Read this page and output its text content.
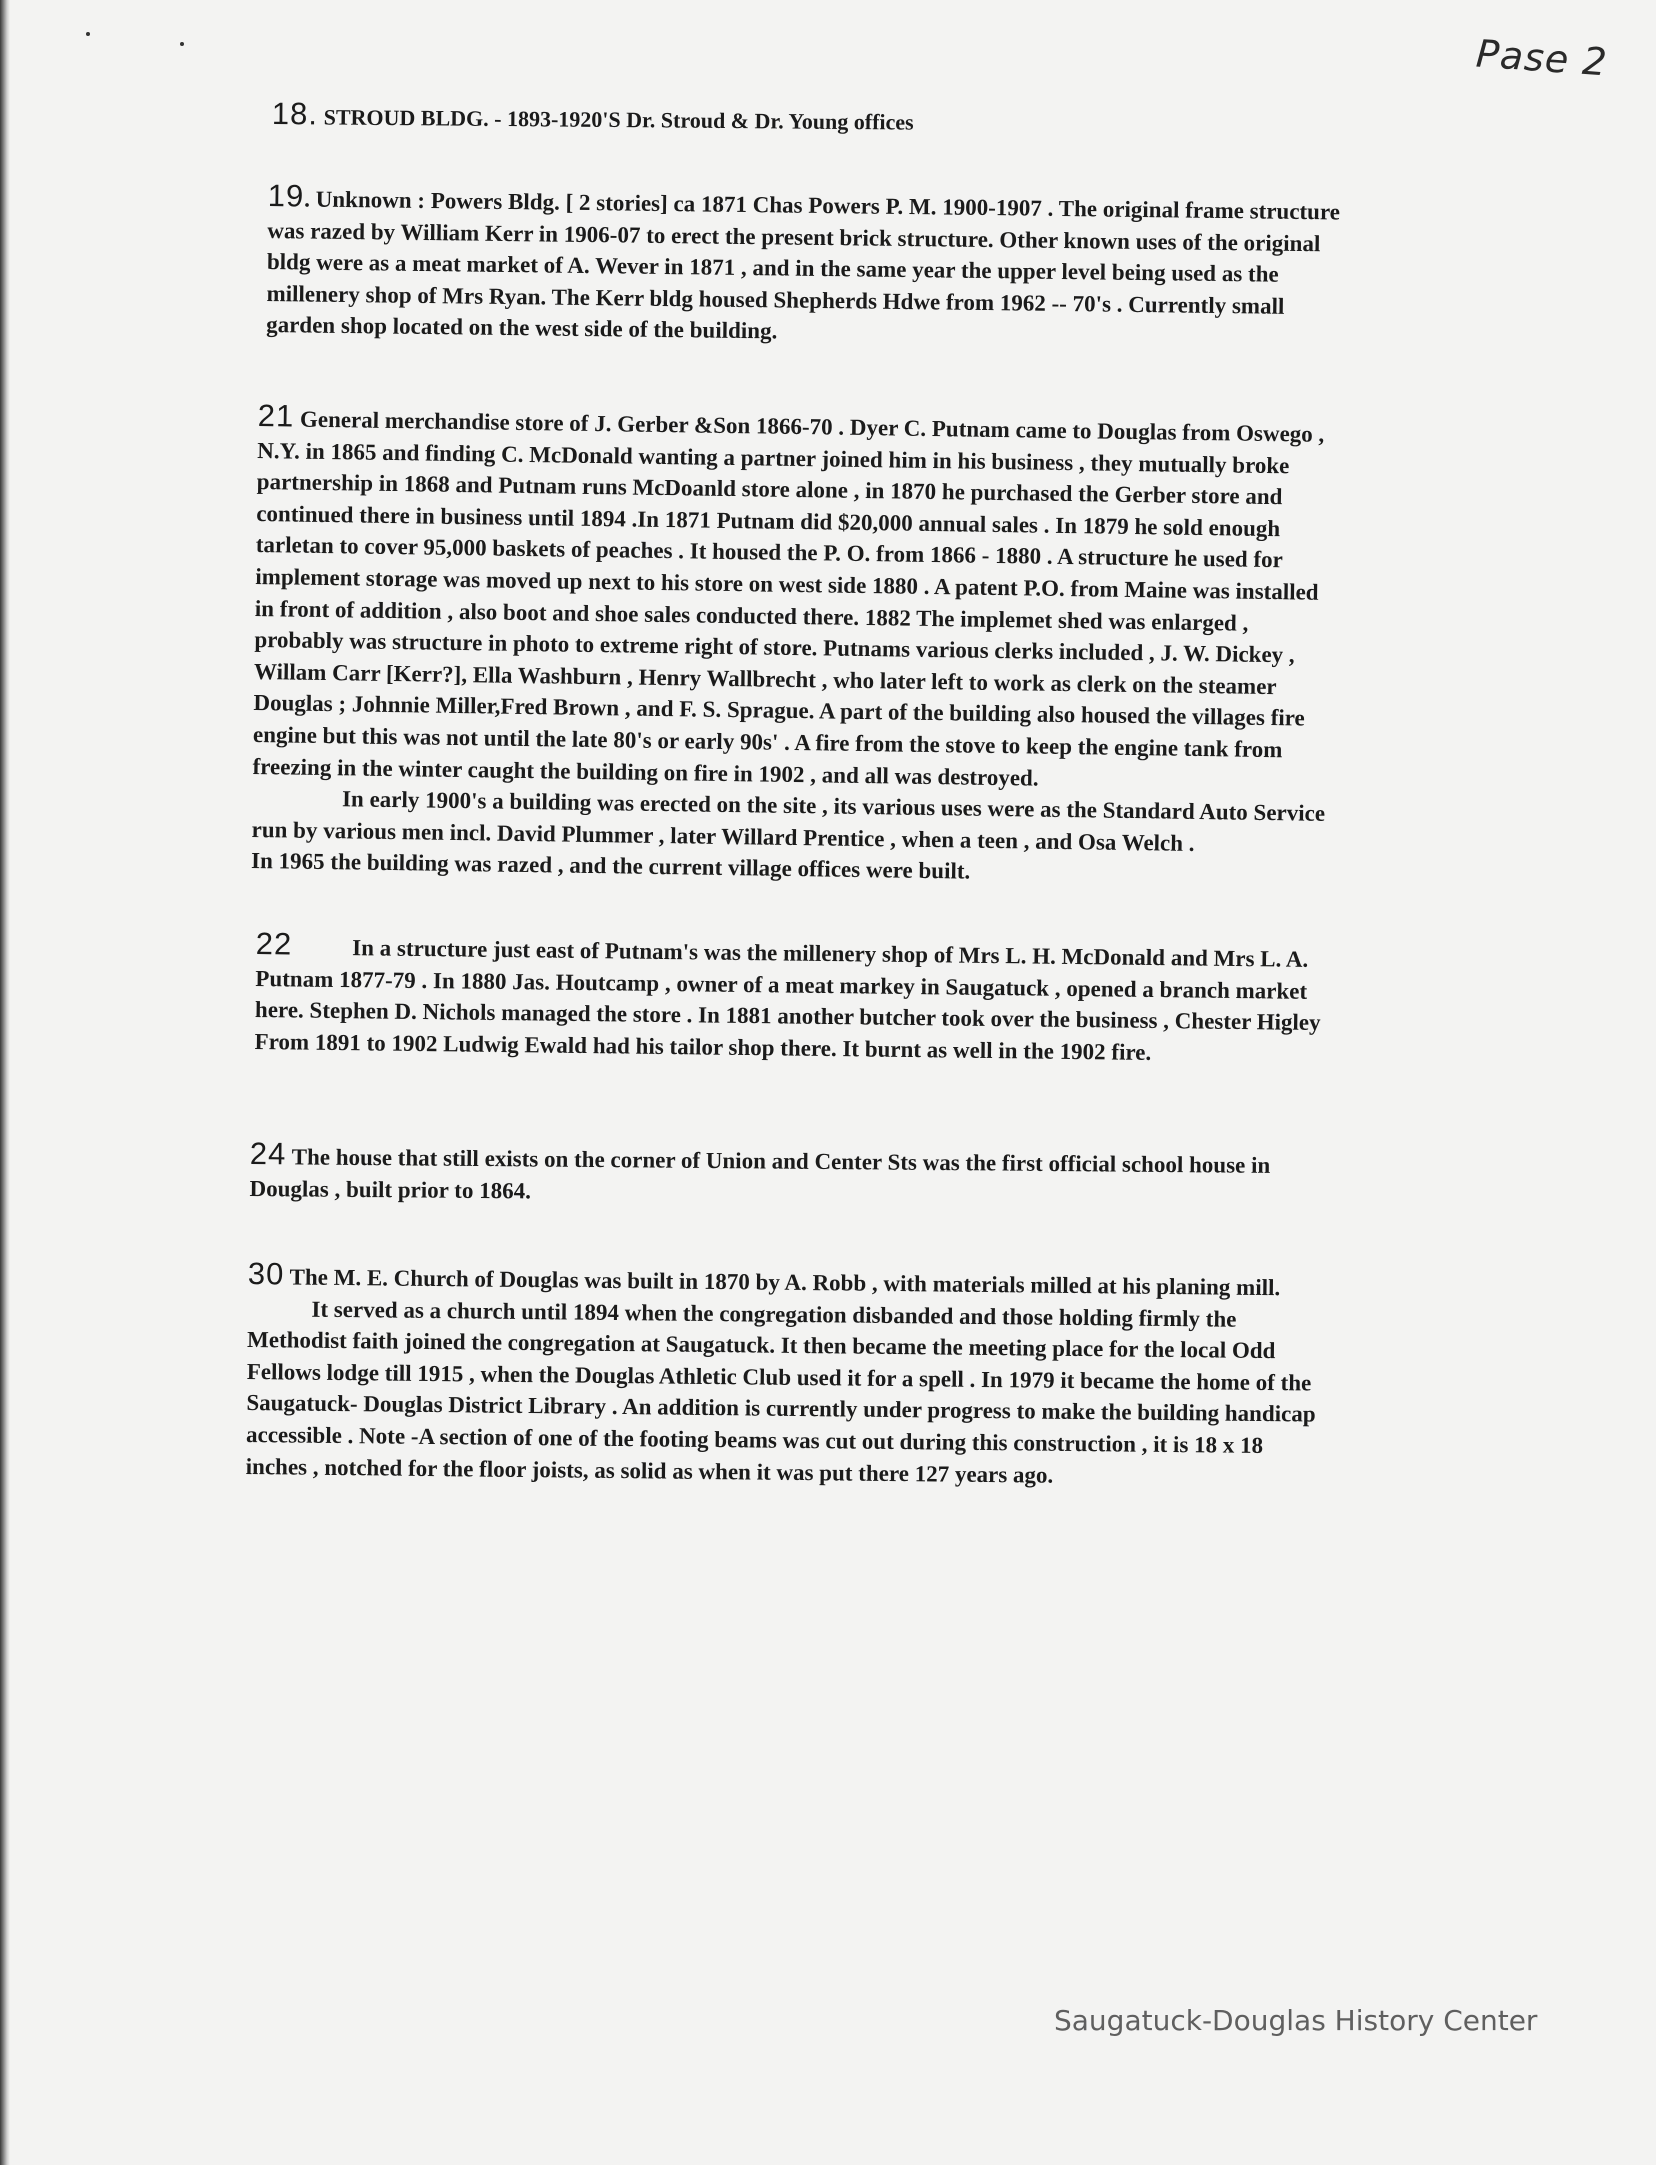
Pase 2
18. STROUD BLDG. - 1893-1920'S Dr. Stroud & Dr. Young offices
19. Unknown : Powers Bldg. [ 2 stories] ca 1871 Chas Powers P. M. 1900-1907 . The original frame structure
was razed by William Kerr in 1906-07 to erect the present brick structure. Other known uses of the original
bldg were as a meat market of A. Wever in 1871 , and in the same year the upper level being used as the
millenery shop of Mrs Ryan. The Kerr bldg housed Shepherds Hdwe from 1962 -- 70's . Currently small
garden shop located on the west side of the building.
21 General merchandise store of J. Gerber &Son 1866-70 . Dyer C. Putnam came to Douglas from Oswego ,
N.Y. in 1865 and finding C. McDonald wanting a partner joined him in his business , they mutually broke
partnership in 1868 and Putnam runs McDoanld store alone , in 1870 he purchased the Gerber store and
continued there in business until 1894 .In 1871 Putnam did $20,000 annual sales . In 1879 he sold enough
tarletan to cover 95,000 baskets of peaches . It housed the P. O. from 1866 - 1880 . A structure he used for
implement storage was moved up next to his store on west side 1880 . A patent P.O. from Maine was installed
in front of addition , also boot and shoe sales conducted there. 1882 The implemet shed was enlarged ,
probably was structure in photo to extreme right of store. Putnams various clerks included , J. W. Dickey ,
Willam Carr [Kerr?], Ella Washburn , Henry Wallbrecht , who later left to work as clerk on the steamer
Douglas ; Johnnie Miller,Fred Brown , and F. S. Sprague. A part of the building also housed the villages fire
engine but this was not until the late 80's or early 90s' . A fire from the stove to keep the engine tank from
freezing in the winter caught the building on fire in 1902 , and all was destroyed.
In early 1900's a building was erected on the site , its various uses were as the Standard Auto Service
run by various men incl. David Plummer , later Willard Prentice , when a teen , and Osa Welch .
In 1965 the building was razed , and the current village offices were built.
22	In a structure just east of Putnam's was the millenery shop of Mrs L. H. McDonald and Mrs L. A.
Putnam 1877-79 . In 1880 Jas. Houtcamp , owner of a meat markey in Saugatuck , opened a branch market
here. Stephen D. Nichols managed the store . In 1881 another butcher took over the business , Chester Higley
From 1891 to 1902 Ludwig Ewald had his tailor shop there. It burnt as well in the 1902 fire.
24 The house that still exists on the corner of Union and Center Sts was the first official school house in
Douglas , built prior to 1864.
30 The M. E. Church of Douglas was built in 1870 by A. Robb , with materials milled at his planing mill.
It served as a church until 1894 when the congregation disbanded and those holding firmly the
Methodist faith joined the congregation at Saugatuck. It then became the meeting place for the local Odd
Fellows lodge till 1915 , when the Douglas Athletic Club used it for a spell . In 1979 it became the home of the
Saugatuck- Douglas District Library . An addition is currently under progress to make the building handicap
accessible . Note -A section of one of the footing beams was cut out during this construction , it is 18 x 18
inches , notched for the floor joists, as solid as when it was put there 127 years ago.
Saugatuck-Douglas History Center
